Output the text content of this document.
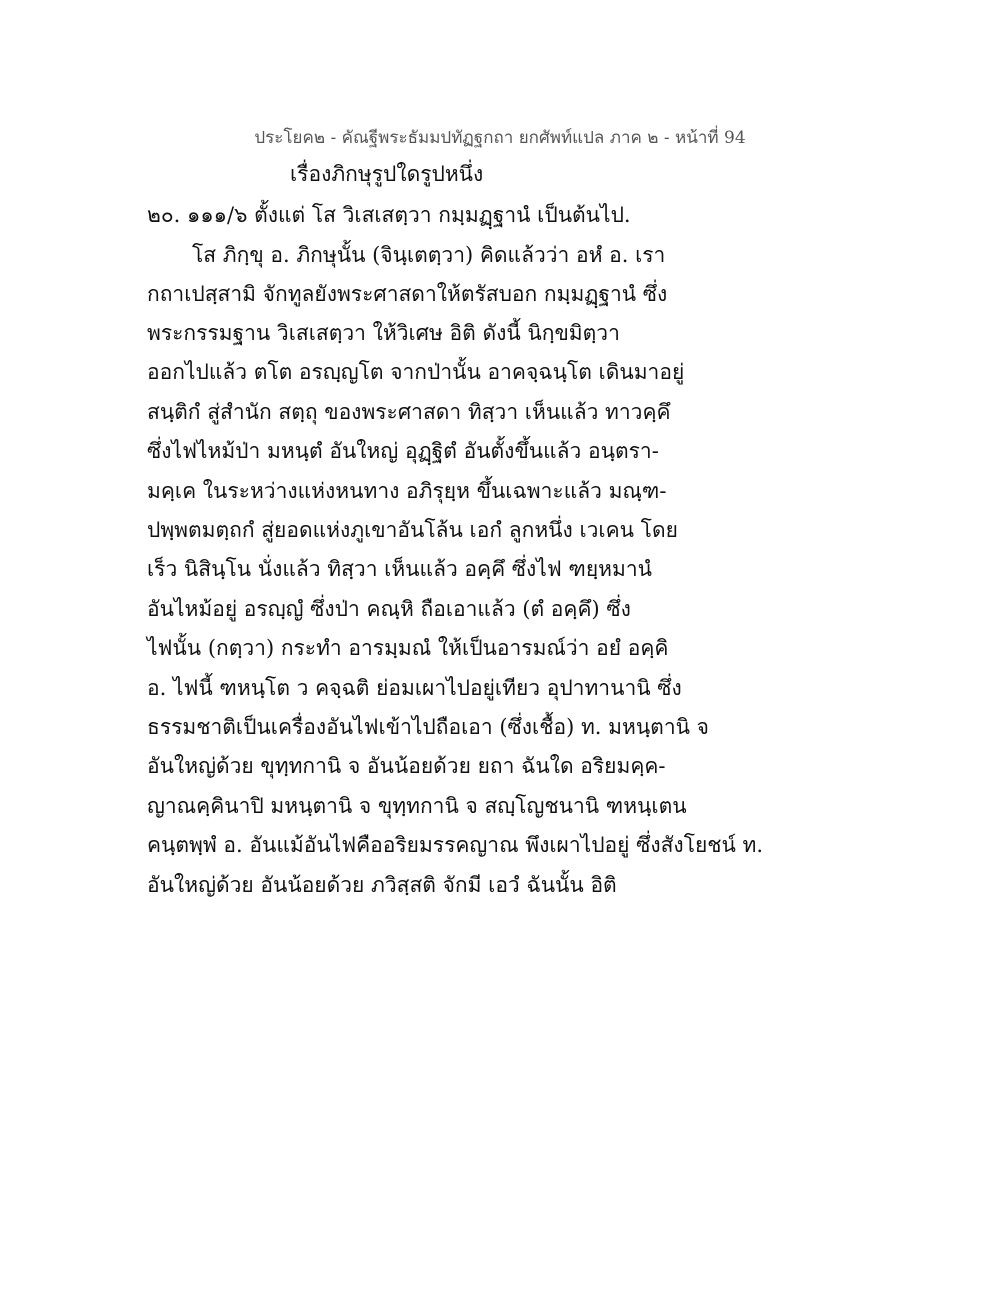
ประโยค๒ - คัณฐีพระธัมมปทัฏฐกถา ยกศัพท์แปล ภาค ๒ - หน้าที่ 94
เรื่องภิกษุรูปใดรูปหนึ่ง
๒๐. ๑๑๑/๖ ตั้งแต่ โส วิเสเสตฺวา กมฺมฏฺฐานํ เป็นต้นไป.
โส ภิกฺขุ อ. ภิกษุนั้น (จินฺเตตฺวา) คิดแล้วว่า อหํ อ. เรา
กถาเปสฺสามิ จักทูลยังพระศาสดาให้ตรัสบอก กมฺมฏฺฐานํ ซึ่ง
พระกรรมฐาน วิเสเสตฺวา ให้วิเศษ อิติ ดังนี้ นิกฺขมิตฺวา
ออกไปแล้ว ตโต อรญฺญโต จากป่านั้น อาคจฺฉนฺโต เดินมาอยู่
สนฺติกํ สู่สำนัก สตฺถุ ของพระศาสดา ทิสฺวา เห็นแล้ว ทาวคฺคึ
ซึ่งไฟไหม้ป่า มหนฺตํ อันใหญ่ อุฏฺฐิตํ อันตั้งขึ้นแล้ว อนฺตรา-
มคฺเค ในระหว่างแห่งหนทาง อภิรุยฺห ขึ้นเฉพาะแล้ว มณฺฑ-
ปพฺพตมตฺถกํ สู่ยอดแห่งภูเขาอันโล้น เอกํ ลูกหนึ่ง เวเคน โดย
เร็ว นิสินฺโน นั่งแล้ว ทิสฺวา เห็นแล้ว อคฺคึ ซึ่งไฟ ฑยฺหมานํ
อันไหม้อยู่ อรญฺญํ ซึ่งป่า คณฺหิ ถือเอาแล้ว (ตํ อคฺคึ) ซึ่ง
ไฟนั้น (กตฺวา) กระทำ อารมฺมณํ ให้เป็นอารมณ์ว่า อยํ อคฺคิ
อ. ไฟนี้ ฑหนฺโต ว คจฺฉติ ย่อมเผาไปอยู่เทียว อุปาทานานิ ซึ่ง
ธรรมชาติเป็นเครื่องอันไฟเข้าไปถือเอา (ซึ่งเชื้อ) ท. มหนฺตานิ จ
อันใหญ่ด้วย ขุทฺทกานิ จ อันน้อยด้วย ยถา ฉันใด อริยมคฺค-
ญาณคฺคินาปิ มหนฺตานิ จ ขุทฺทกานิ จ สญฺโญชนานิ ฑหนฺเตน
คนฺตพฺพํ อ. อันแม้อันไฟคืออริยมรรคญาณ พึงเผาไปอยู่ ซึ่งสังโยชน์ ท.
อันใหญ่ด้วย อันน้อยด้วย ภวิสฺสติ จักมี เอวํ ฉันนั้น อิติ
